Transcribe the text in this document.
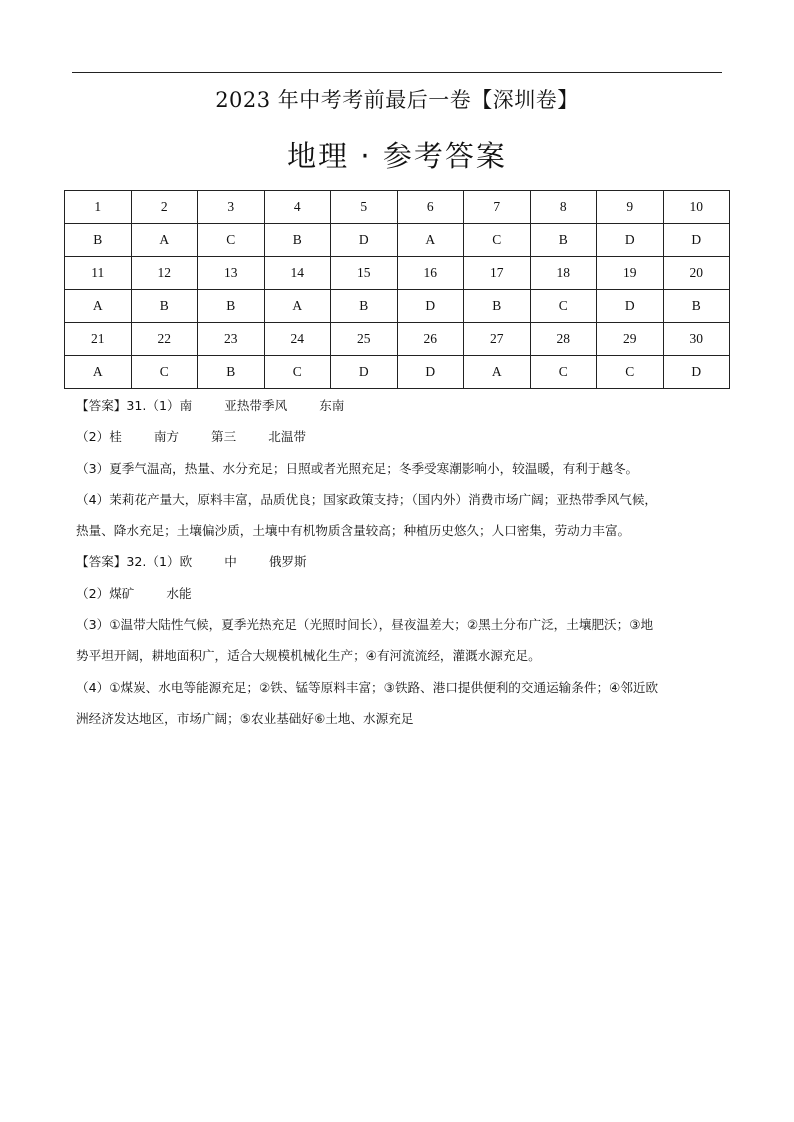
2023 年中考考前最后一卷【深圳卷】
地理 · 参考答案
1	2	3	4	5	6	7	8	9	10
B	A	C	B	D	A	C	B	D	D
11	12	13	14	15	16	17	18	19	20
A	B	B	A	B	D	B	C	D	B
21	22	23	24	25	26	27	28	29	30
A	C	B	C	D	D	A	C	C	D
【答案】31.（1）南        亚热带季风        东南
（2）桂        南方        第三        北温带
（3）夏季气温高，热量、水分充足；日照或者光照充足；冬季受寒潮影响小，较温暖，有利于越冬。
（4）茉莉花产量大，原料丰富，品质优良；国家政策支持；（国内外）消费市场广阔；亚热带季风气候，
热量、降水充足；土壤偏沙质，土壤中有机物质含量较高；种植历史悠久；人口密集，劳动力丰富。
【答案】32.（1）欧        中        俄罗斯
（2）煤矿        水能
（3）①温带大陆性气候，夏季光热充足（光照时间长），昼夜温差大；②黑土分布广泛，土壤肥沃；③地
势平坦开阔，耕地面积广，适合大规模机械化生产；④有河流流经，灌溉水源充足。
（4）①煤炭、水电等能源充足；②铁、锰等原料丰富；③铁路、港口提供便利的交通运输条件；④邻近欧
洲经济发达地区，市场广阔；⑤农业基础好⑥土地、水源充足
